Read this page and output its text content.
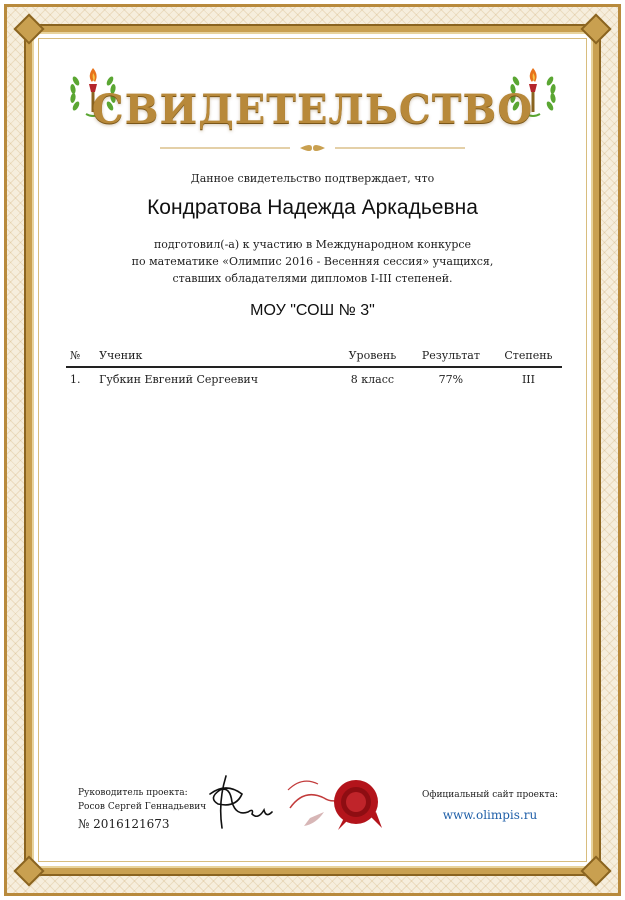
СВИДЕТЕЛЬСТВО
Данное свидетельство подтверждает, что
Кондратова Надежда Аркадьевна
подготовил(-а) к участию в Международном конкурсе
по математике «Олимпис 2016 - Весенняя сессия» учащихся,
ставших обладателями дипломов I-III степеней.
МОУ "СОШ № 3"
№	Ученик	Уровень	Результат	Степень
1.	Губкин Евгений Сергеевич	8 класс	77%	III
Руководитель проекта:
Росов Сергей Геннадьевич
№ 2016121673
Официальный сайт проекта:
www.olimpis.ru
